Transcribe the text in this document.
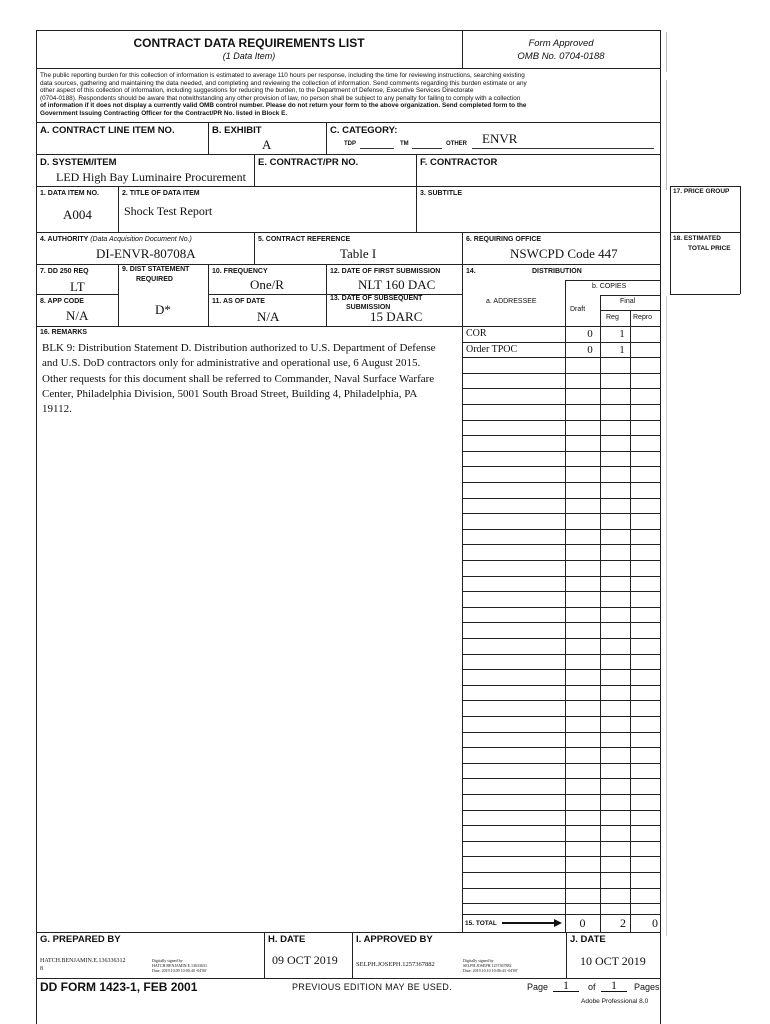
CONTRACT DATA REQUIREMENTS LIST
(1 Data Item)
Form Approved
OMB No. 0704-0188
The public reporting burden for this collection of information is estimated to average 110 hours per response, including the time for reviewing instructions, searching existing
data sources, gathering and maintaining the data needed, and completing and reviewing the collection of information. Send comments regarding this burden estimate or any
other aspect of this collection of information, including suggestions for reducing the burden, to the Department of Defense, Executive Services Directorate
(0704-0188). Respondents should be aware that notwithstanding any other provision of law, no person shall be subject to any penalty for failing to comply with a collection
of information if it does not display a currently valid OMB control number. Please do not return your form to the above organization. Send completed form to the
Government Issuing Contracting Officer for the Contract/PR No. listed in Block E.
A. CONTRACT LINE ITEM NO.	B. EXHIBIT
A
C. CATEGORY:
TDP	TM	OTHER ENVR
D. SYSTEM/ITEM
LED High Bay Luminaire Procurement
E. CONTRACT/PR NO.	F. CONTRACTOR
1. DATA ITEM NO.
A004
2. TITLE OF DATA ITEM
Shock Test Report
3. SUBTITLE	17. PRICE GROUP
4. AUTHORITY (Data Acquisition Document No.)
DI-ENVR-80708A
5. CONTRACT REFERENCE
Table I
6. REQUIRING OFFICE
NSWCPD Code 447
18. ESTIMATED
TOTAL PRICE
7. DD 250 REQ
LT
9. DIST STATEMENT
REQUIRED
D*
10. FREQUENCY
One/R
12. DATE OF FIRST SUBMISSION
NLT 160 DAC
8. APP CODE
N/A
11. AS OF DATE
N/A
13. DATE OF SUBSEQUENT
SUBMISSION
15 DARC
14.	DISTRIBUTION
b. COPIES
a. ADDRESSEE
Draft
Final
Reg Repro
COR	0	1
Order TPOC	0	1
15. TOTAL	0	2	0
16. REMARKS
BLK 9: Distribution Statement D. Distribution authorized to U.S. Department of Defense
and U.S. DoD contractors only for administrative and operational use, 6 August 2015.
Other requests for this document shall be referred to Commander, Naval Surface Warfare
Center, Philadelphia Division, 5001 South Broad Street, Building 4, Philadelphia, PA
19112.
G. PREPARED BY
HATCH.BENJAMIN.E.136336312
8
Digitally signed by
HATCH.BENJAMIN.E.13633631
Date: 2019.10.09 10:00:40 -04'00'
H. DATE
09 OCT 2019
I. APPROVED BY
SELPH.JOSEPH.1257367882
Digitally signed by
SELPH.JOSEPH.1257367882
Date: 2019.10.10 10:06:43 -04'00'
J. DATE
10 OCT 2019
DD FORM 1423-1, FEB 2001	PREVIOUS EDITION MAY BE USED.	Page	1	of	1	Pages
Adobe Professional 8.0
